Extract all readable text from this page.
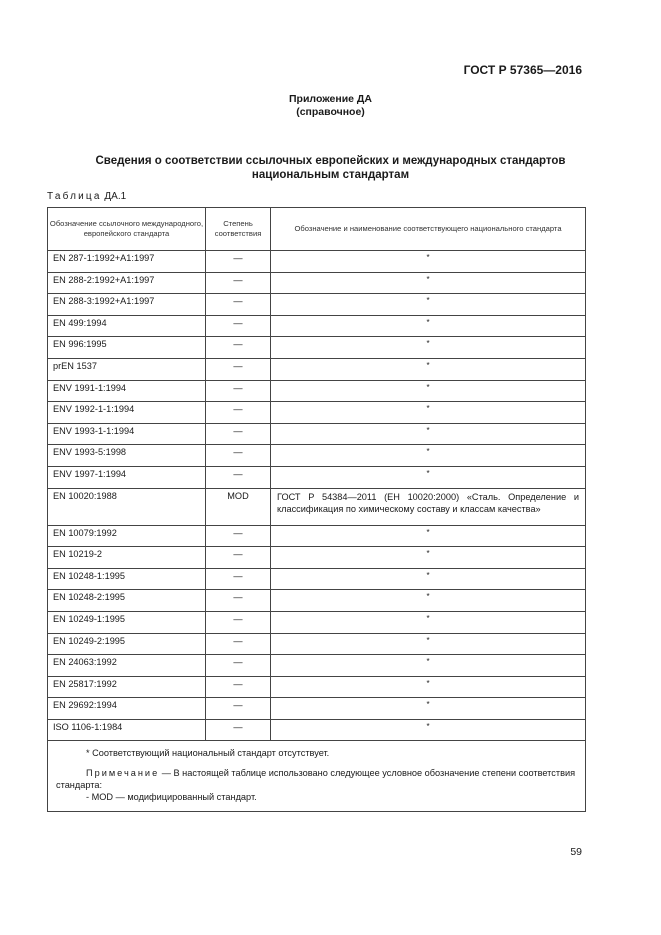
ГОСТ Р 57365—2016
Приложение ДА
(справочное)
Сведения о соответствии ссылочных европейских и международных стандартов
национальным стандартам
Таблица ДА.1
Обозначение ссылочного международного, европейского стандарта	Степень соответствия	Обозначение и наименование соответствующего национального стандарта
EN 287-1:1992+A1:1997	—	*
EN 288-2:1992+A1:1997	—	*
EN 288-3:1992+A1:1997	—	*
EN 499:1994	—	*
EN 996:1995	—	*
prEN 1537	—	*
ENV 1991-1:1994	—	*
ENV 1992-1-1:1994	—	*
ENV 1993-1-1:1994	—	*
ENV 1993-5:1998	—	*
ENV 1997-1:1994	—	*
EN 10020:1988	MOD	ГОСТ Р 54384—2011 (ЕН 10020:2000) «Сталь. Определение и классификация по химическому составу и классам качества»
EN 10079:1992	—	*
EN 10219-2	—	*
EN 10248-1:1995	—	*
EN 10248-2:1995	—	*
EN 10249-1:1995	—	*
EN 10249-2:1995	—	*
EN 24063:1992	—	*
EN 25817:1992	—	*
EN 29692:1994	—	*
ISO 1106-1:1984	—	*

* Соответствующий национальный стандарт отсутствует.
Примечание — В настоящей таблице использовано следующее условное обозначение степени соответствия стандарта:
- MOD — модифицированный стандарт.		
59
